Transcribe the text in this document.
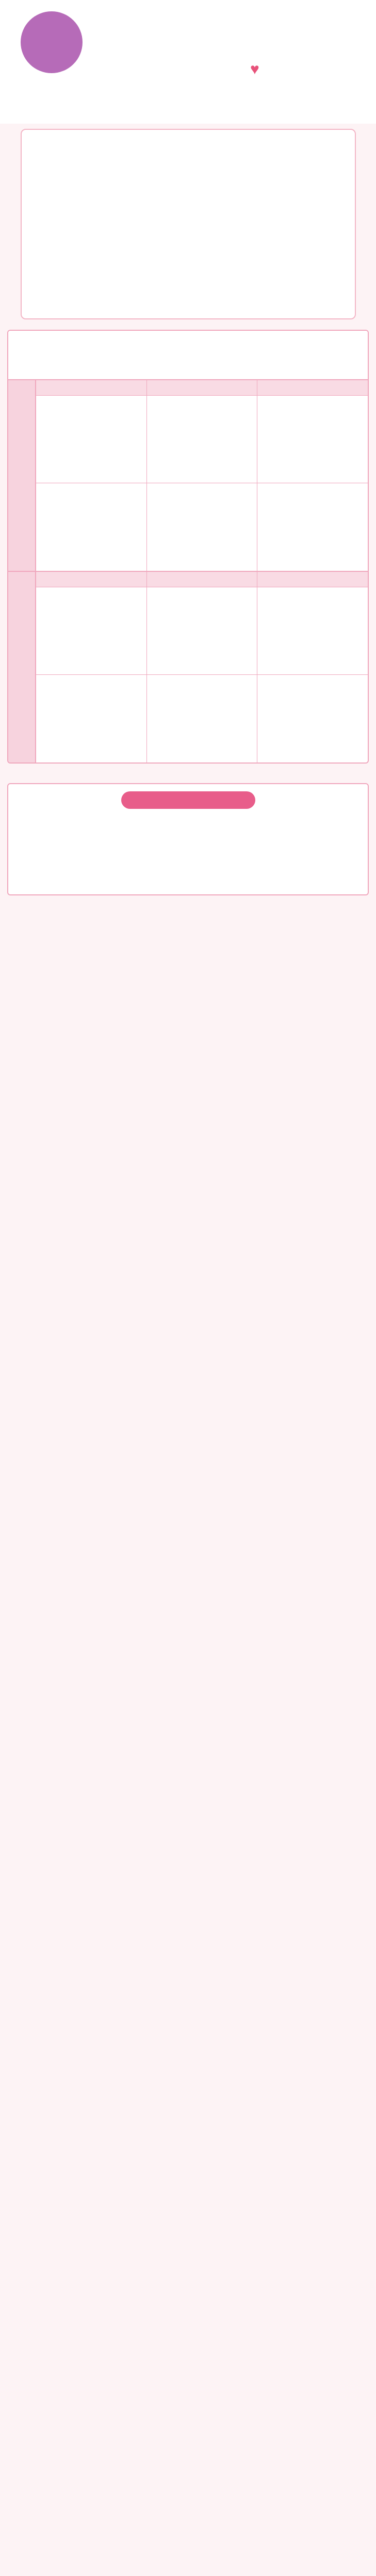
♥
